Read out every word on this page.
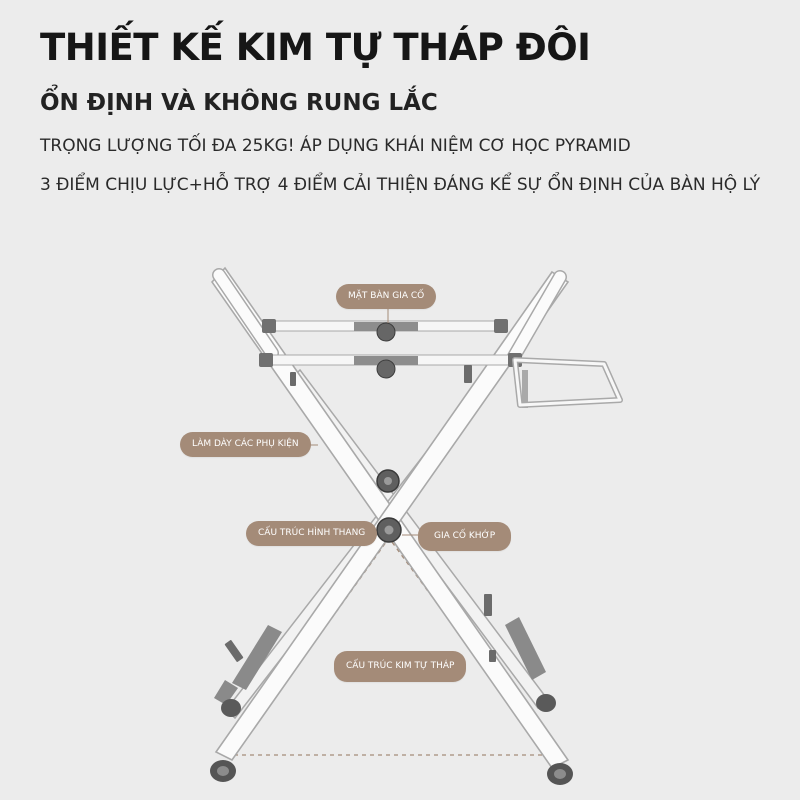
THIẾT KẾ KIM TỰ THÁP ĐÔI
ỔN ĐỊNH VÀ KHÔNG RUNG LẮC
TRỌNG LƯỢNG TỐI ĐA 25KG! ÁP DỤNG KHÁI NIỆM CƠ HỌC PYRAMID
3 ĐIỂM CHỊU LỰC+HỖ TRỢ 4 ĐIỂM CẢI THIỆN ĐÁNG KỂ SỰ ỔN ĐỊNH CỦA BÀN HỘ LÝ
MẶT BÀN GIA CỐ
LÀM DÀY CÁC PHỤ KIỆN
CẤU TRÚC HÌNH THANG	GIA CỐ KHỚP
CẤU TRÚC KIM TỰ THÁP
